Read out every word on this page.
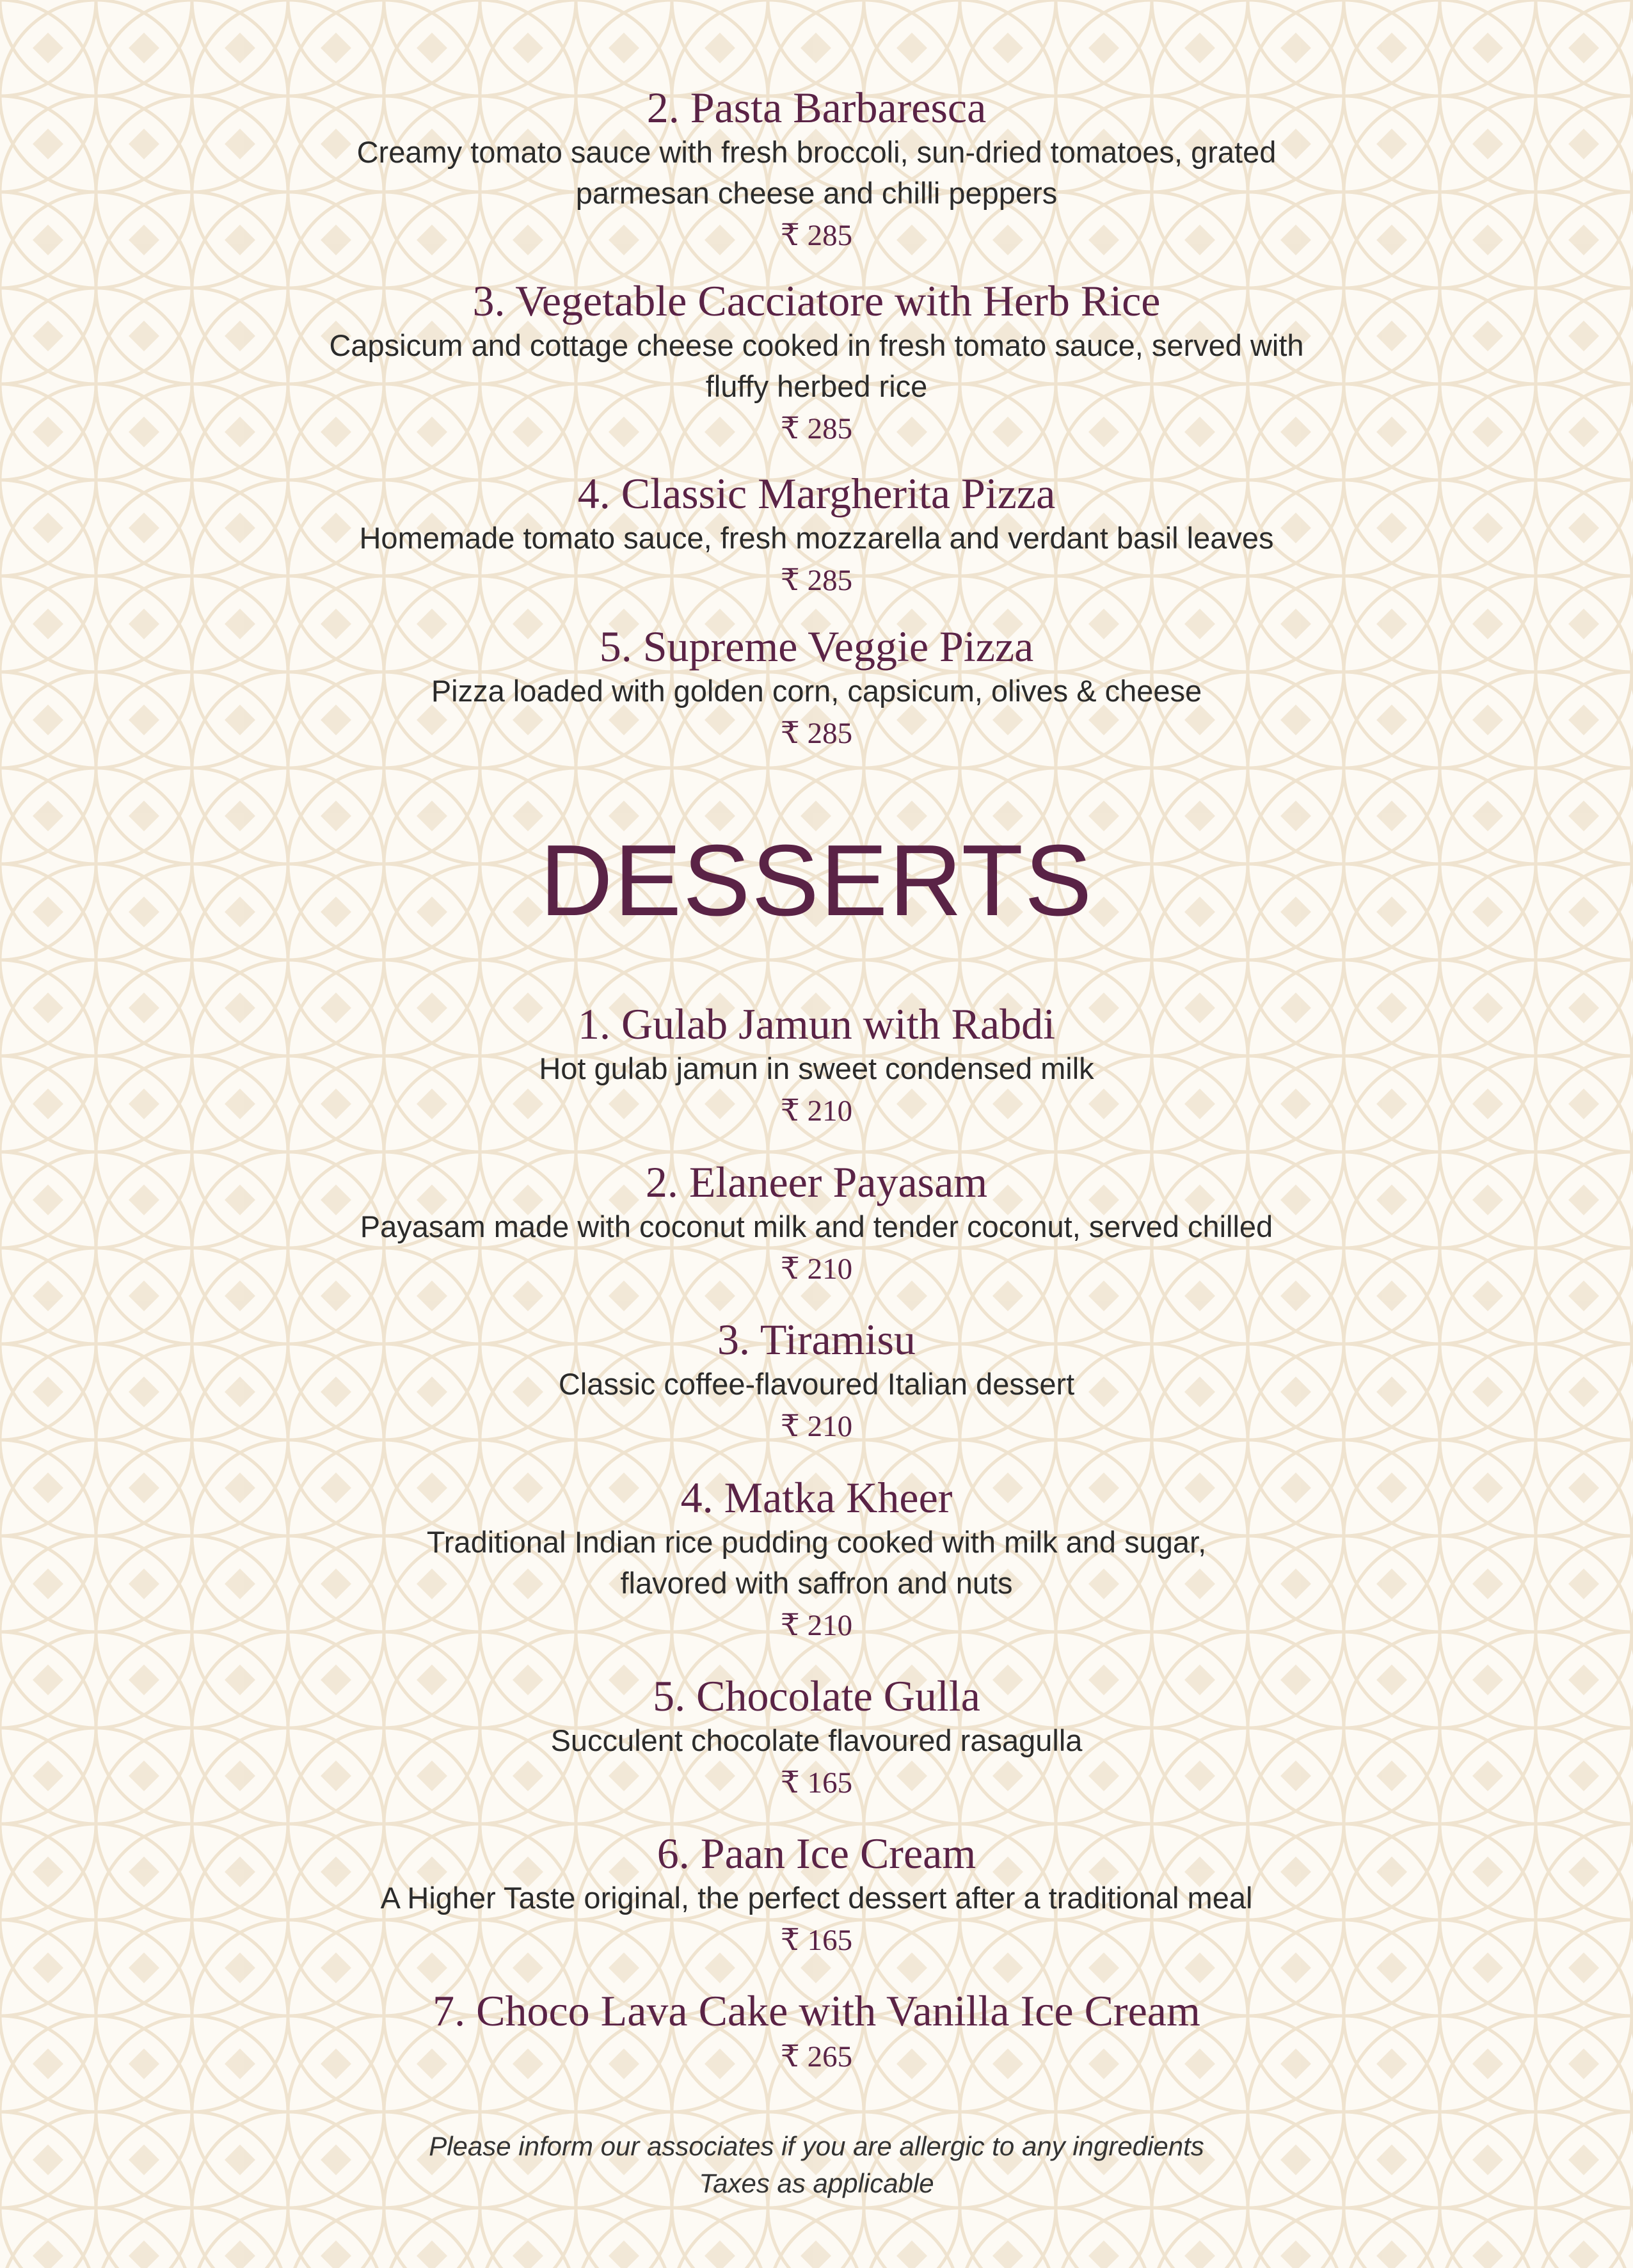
2. Pasta Barbaresca
Creamy tomato sauce with fresh broccoli, sun-dried tomatoes, grated
parmesan cheese and chilli peppers
₹ 285
3. Vegetable Cacciatore with Herb Rice
Capsicum and cottage cheese cooked in fresh tomato sauce, served with
fluffy herbed rice
₹ 285
4. Classic Margherita Pizza
Homemade tomato sauce, fresh mozzarella and verdant basil leaves
₹ 285
5. Supreme Veggie Pizza
Pizza loaded with golden corn, capsicum, olives & cheese
₹ 285
DESSERTS
1. Gulab Jamun with Rabdi
Hot gulab jamun in sweet condensed milk
₹ 210
2. Elaneer Payasam
Payasam made with coconut milk and tender coconut, served chilled
₹ 210
3. Tiramisu
Classic coffee-flavoured Italian dessert
₹ 210
4. Matka Kheer
Traditional Indian rice pudding cooked with milk and sugar,
flavored with saffron and nuts
₹ 210
5. Chocolate Gulla
Succulent chocolate flavoured rasagulla
₹ 165
6. Paan Ice Cream
A Higher Taste original, the perfect dessert after a traditional meal
₹ 165
7. Choco Lava Cake with Vanilla Ice Cream
₹ 265
Please inform our associates if you are allergic to any ingredients
Taxes as applicable
